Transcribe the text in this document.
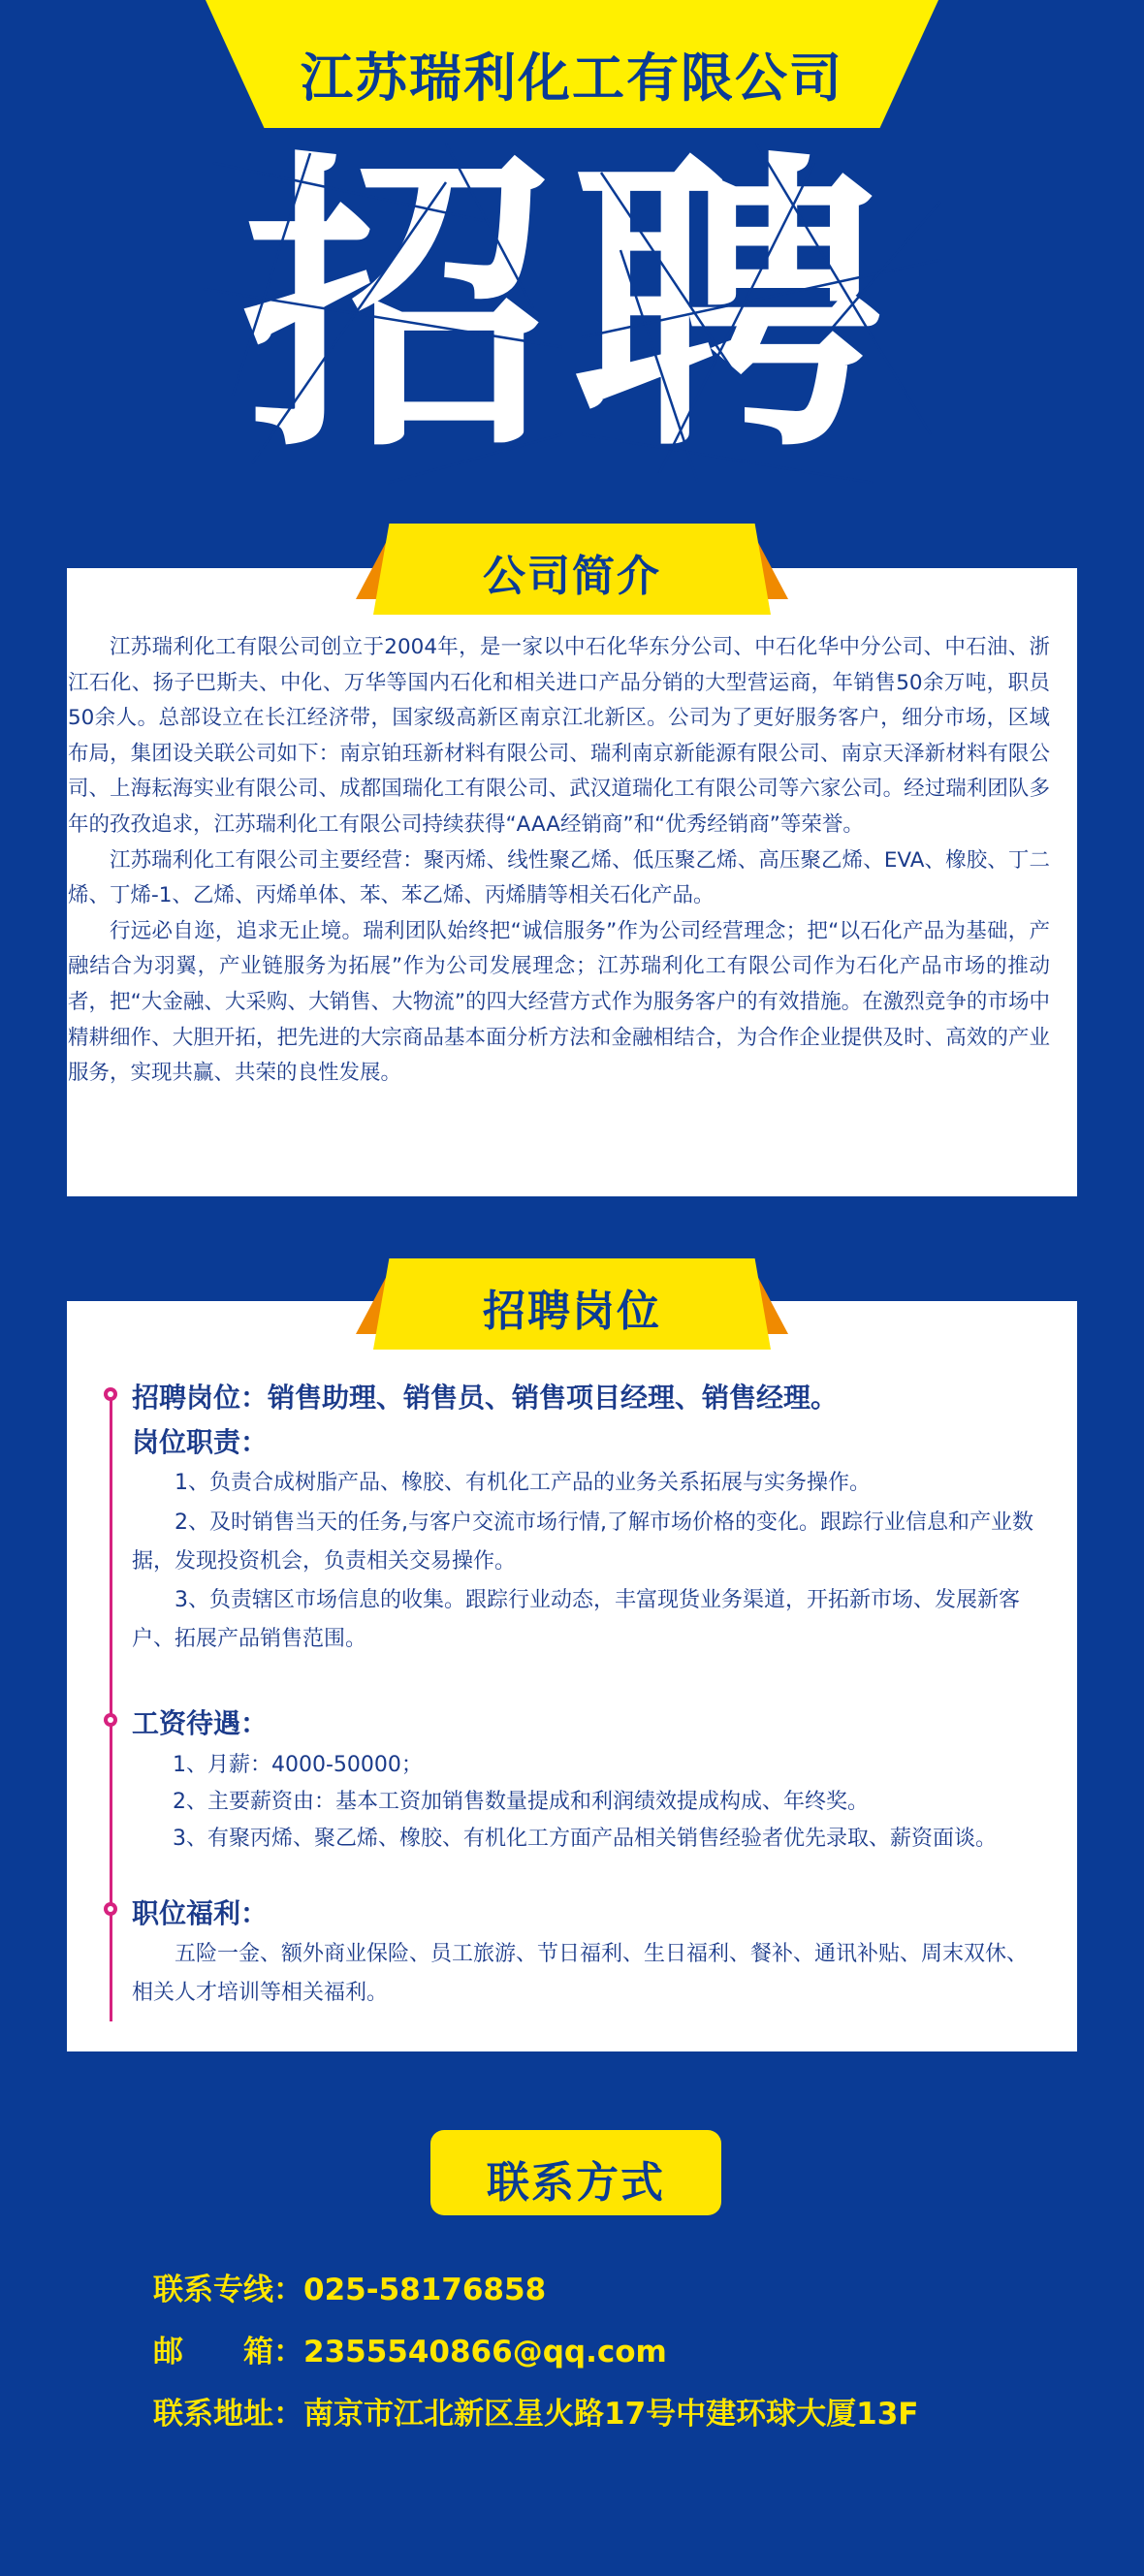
江苏瑞利化工有限公司
招聘
公司简介

江苏瑞利化工有限公司创立于2004年，是一家以中石化华东分公司、中石化华中分公司、中石油、浙江石化、扬子巴斯夫、中化、万华等国内石化和相关进口产品分销的大型营运商，年销售50余万吨，职员50余人。总部设立在长江经济带，国家级高新区南京江北新区。公司为了更好服务客户，细分市场，区域布局，集团设关联公司如下：南京铂珏新材料有限公司、瑞利南京新能源有限公司、南京天泽新材料有限公司、上海耘海实业有限公司、成都国瑞化工有限公司、武汉道瑞化工有限公司等六家公司。经过瑞利团队多年的孜孜追求，江苏瑞利化工有限公司持续获得“AAA经销商”和“优秀经销商”等荣誉。

江苏瑞利化工有限公司主要经营：聚丙烯、线性聚乙烯、低压聚乙烯、高压聚乙烯、EVA、橡胶、丁二烯、丁烯-1、乙烯、丙烯单体、苯、苯乙烯、丙烯腈等相关石化产品。

行远必自迩，追求无止境。瑞利团队始终把“诚信服务”作为公司经营理念；把“以石化产品为基础，产融结合为羽翼，产业链服务为拓展”作为公司发展理念；江苏瑞利化工有限公司作为石化产品市场的推动者，把“大金融、大采购、大销售、大物流”的四大经营方式作为服务客户的有效措施。在激烈竞争的市场中精耕细作、大胆开拓，把先进的大宗商品基本面分析方法和金融相结合，为合作企业提供及时、高效的产业服务，实现共赢、共荣的良性发展。

招聘岗位
招聘岗位：销售助理、销售员、销售项目经理、销售经理。
岗位职责：
1、负责合成树脂产品、橡胶、有机化工产品的业务关系拓展与实务操作。
2、及时销售当天的任务,与客户交流市场行情,了解市场价格的变化。跟踪行业信息和产业数据，发现投资机会，负责相关交易操作。
3、负责辖区市场信息的收集。跟踪行业动态，丰富现货业务渠道，开拓新市场、发展新客户、拓展产品销售范围。
工资待遇：
1、月薪：4000-50000；
2、主要薪资由：基本工资加销售数量提成和利润绩效提成构成、年终奖。
3、有聚丙烯、聚乙烯、橡胶、有机化工方面产品相关销售经验者优先录取、薪资面谈。
职位福利：
五险一金、额外商业保险、员工旅游、节日福利、生日福利、餐补、通讯补贴、周末双休、相关人才培训等相关福利。
联系方式
联系专线：025-58176858
邮　　箱：2355540866@qq.com
联系地址：南京市江北新区星火路17号中建环球大厦13F
